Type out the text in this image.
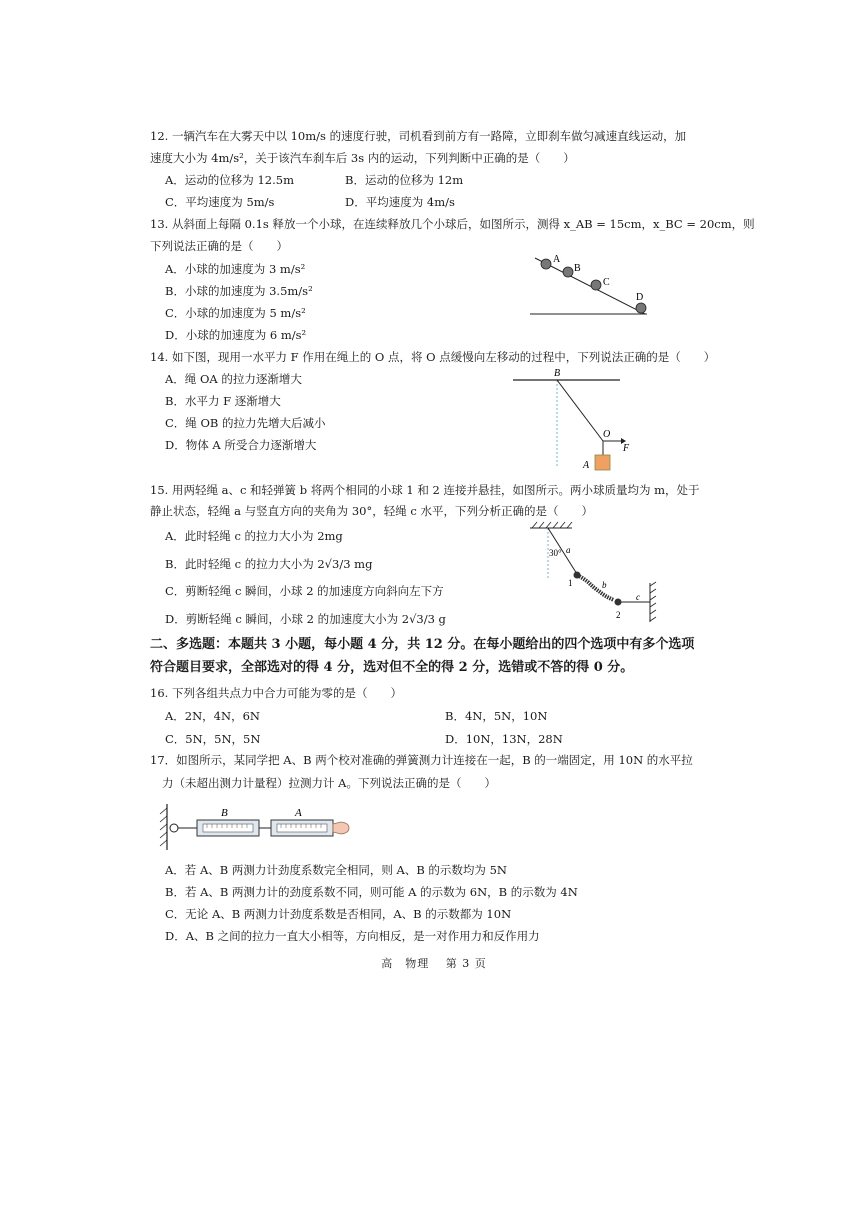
12. 一辆汽车在大雾天中以 10m/s 的速度行驶，司机看到前方有一路障，立即刹车做匀减速直线运动，加
速度大小为 4m/s²，关于该汽车刹车后 3s 内的运动，下列判断中正确的是（　　）
A．运动的位移为 12.5m	B．运动的位移为 12m
C．平均速度为 5m/s	D．平均速度为 4m/s
13. 从斜面上每隔 0.1s 释放一个小球，在连续释放几个小球后，如图所示，测得 x_AB = 15cm，x_BC = 20cm，则
下列说法正确的是（　　）
A．小球的加速度为 3 m/s²
B．小球的加速度为 3.5m/s²
C．小球的加速度为 5 m/s²
D．小球的加速度为 6 m/s²
A
B
C
D
14. 如下图，现用一水平力 F 作用在绳上的 O 点，将 O 点缓慢向左移动的过程中，下列说法正确的是（　　）
A．绳 OA 的拉力逐渐增大
B．水平力 F 逐渐增大
C．绳 OB 的拉力先增大后减小
D．物体 A 所受合力逐渐增大
B
O
F
A
15. 用两轻绳 a、c 和轻弹簧 b 将两个相同的小球 1 和 2 连接并悬挂，如图所示。两小球质量均为 m，处于
静止状态，轻绳 a 与竖直方向的夹角为 30°，轻绳 c 水平，下列分析正确的是（　　）
A．此时轻绳 c 的拉力大小为 2mg
B．此时轻绳 c 的拉力大小为 2√3/3 mg
C．剪断轻绳 c 瞬间，小球 2 的加速度方向斜向左下方
D．剪断轻绳 c 瞬间，小球 2 的加速度大小为 2√3/3 g
30° a
b
c
1
2
二、多选题：本题共 3 小题，每小题 4 分，共 12 分。在每小题给出的四个选项中有多个选项
符合题目要求，全部选对的得 4 分，选对但不全的得 2 分，选错或不答的得 0 分。
16. 下列各组共点力中合力可能为零的是（　　）
A．2N，4N，6N	B．4N，5N，10N
C．5N，5N，5N	D．10N，13N，28N
17．如图所示，某同学把 A、B 两个校对准确的弹簧测力计连接在一起，B 的一端固定，用 10N 的水平拉
力（未超出测力计量程）拉测力计 A。下列说法正确的是（　　）
B	A
A．若 A、B 两测力计劲度系数完全相同，则 A、B 的示数均为 5N
B．若 A、B 两测力计的劲度系数不同，则可能 A 的示数为 6N，B 的示数为 4N
C．无论 A、B 两测力计劲度系数是否相同，A、B 的示数都为 10N
D．A、B 之间的拉力一直大小相等，方向相反，是一对作用力和反作用力
高　物理　 第 3 页
